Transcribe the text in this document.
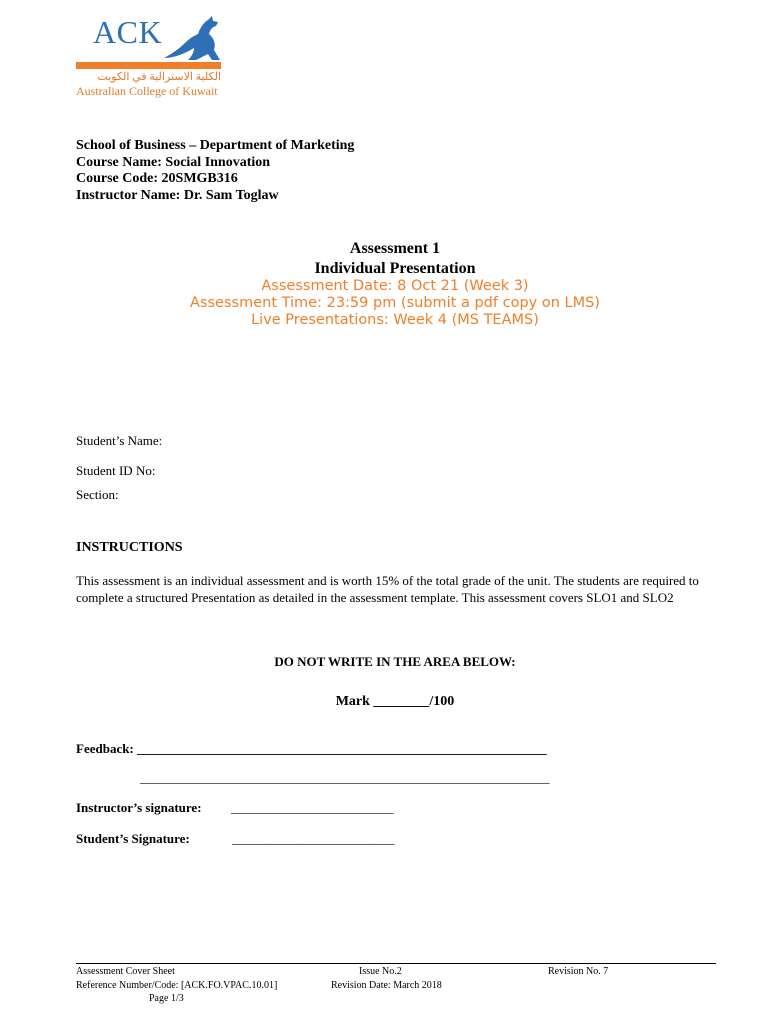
ACK
الكلية الاسترالية في الكويت
Australian College of Kuwait
School of Business – Department of Marketing
Course Name: Social Innovation
Course Code: 20SMGB316
Instructor Name: Dr. Sam Toglaw
Assessment 1
Individual Presentation
Assessment Date: 8 Oct 21 (Week 3)
Assessment Time: 23:59 pm (submit a pdf copy on LMS)
Live Presentations: Week 4 (MS TEAMS)
Student’s Name:
Student ID No:
Section:
INSTRUCTIONS
This assessment is an individual assessment and is worth 15% of the total grade of the unit. The students are required to complete a structured Presentation as detailed in the assessment template. This assessment covers SLO1 and SLO2
DO NOT WRITE IN THE AREA BELOW:
Mark ________/100
Feedback: _______________________________________________________________
_______________________________________________________________
Instructor’s signature: _________________________
Student’s Signature:	_________________________
Assessment Cover Sheet	Issue No.2	Revision No. 7
Reference Number/Code: [ACK.FO.VPAC.10.01]	Revision Date: March 2018
Page 1/3
